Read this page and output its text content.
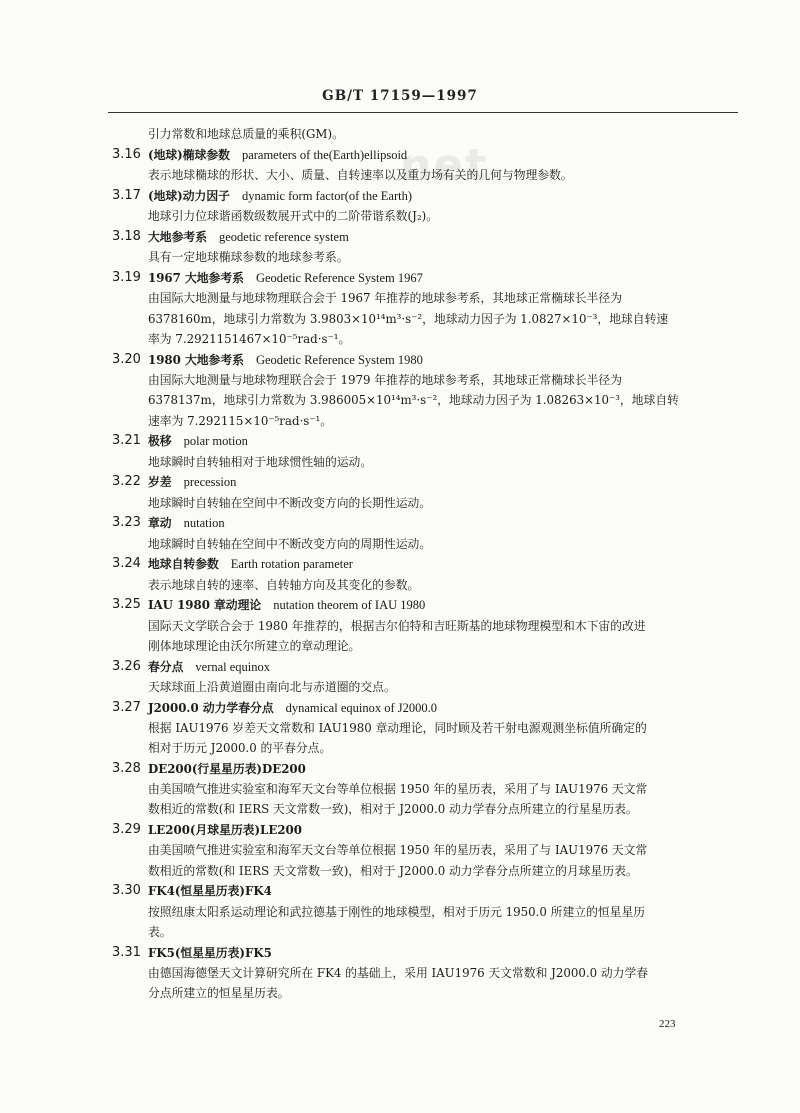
net
GB/T 17159—1997
引力常数和地球总质量的乘积(GM)。
3.16 (地球)椭球参数 parameters of the(Earth)ellipsoid
表示地球椭球的形状、大小、质量、自转速率以及重力场有关的几何与物理参数。
3.17 (地球)动力因子 dynamic form factor(of the Earth)
地球引力位球谐函数级数展开式中的二阶带谐系数(J₂)。
3.18 大地参考系 geodetic reference system
具有一定地球椭球参数的地球参考系。
3.19 1967 大地参考系 Geodetic Reference System 1967
由国际大地测量与地球物理联合会于 1967 年推荐的地球参考系，其地球正常椭球长半径为
6378160m，地球引力常数为 3.9803×10¹⁴m³·s⁻²，地球动力因子为 1.0827×10⁻³，地球自转速
率为 7.2921151467×10⁻⁵rad·s⁻¹。
3.20 1980 大地参考系 Geodetic Reference System 1980
由国际大地测量与地球物理联合会于 1979 年推荐的地球参考系，其地球正常椭球长半径为
6378137m，地球引力常数为 3.986005×10¹⁴m³·s⁻²，地球动力因子为 1.08263×10⁻³，地球自转
速率为 7.292115×10⁻⁵rad·s⁻¹。
3.21 极移 polar motion
地球瞬时自转轴相对于地球惯性轴的运动。
3.22 岁差 precession
地球瞬时自转轴在空间中不断改变方向的长期性运动。
3.23 章动 nutation
地球瞬时自转轴在空间中不断改变方向的周期性运动。
3.24 地球自转参数 Earth rotation parameter
表示地球自转的速率、自转轴方向及其变化的参数。
3.25 IAU 1980 章动理论 nutation theorem of IAU 1980
国际天文学联合会于 1980 年推荐的，根据吉尔伯特和吉旺斯基的地球物理模型和木下宙的改进
刚体地球理论由沃尔所建立的章动理论。
3.26 春分点 vernal equinox
天球球面上沿黄道圈由南向北与赤道圈的交点。
3.27 J2000.0 动力学春分点 dynamical equinox of J2000.0
根据 IAU1976 岁差天文常数和 IAU1980 章动理论，同时顾及若干射电源观测坐标值所确定的
相对于历元 J2000.0 的平春分点。
3.28 DE200(行星星历表)DE200
由美国喷气推进实验室和海军天文台等单位根据 1950 年的星历表，采用了与 IAU1976 天文常
数相近的常数(和 IERS 天文常数一致)，相对于 J2000.0 动力学春分点所建立的行星星历表。
3.29 LE200(月球星历表)LE200
由美国喷气推进实验室和海军天文台等单位根据 1950 年的星历表，采用了与 IAU1976 天文常
数相近的常数(和 IERS 天文常数一致)，相对于 J2000.0 动力学春分点所建立的月球星历表。
3.30 FK4(恒星星历表)FK4
按照纽康太阳系运动理论和武拉德基于刚性的地球模型，相对于历元 1950.0 所建立的恒星星历
表。
3.31 FK5(恒星星历表)FK5
由德国海德堡天文计算研究所在 FK4 的基础上，采用 IAU1976 天文常数和 J2000.0 动力学春
分点所建立的恒星星历表。
223
